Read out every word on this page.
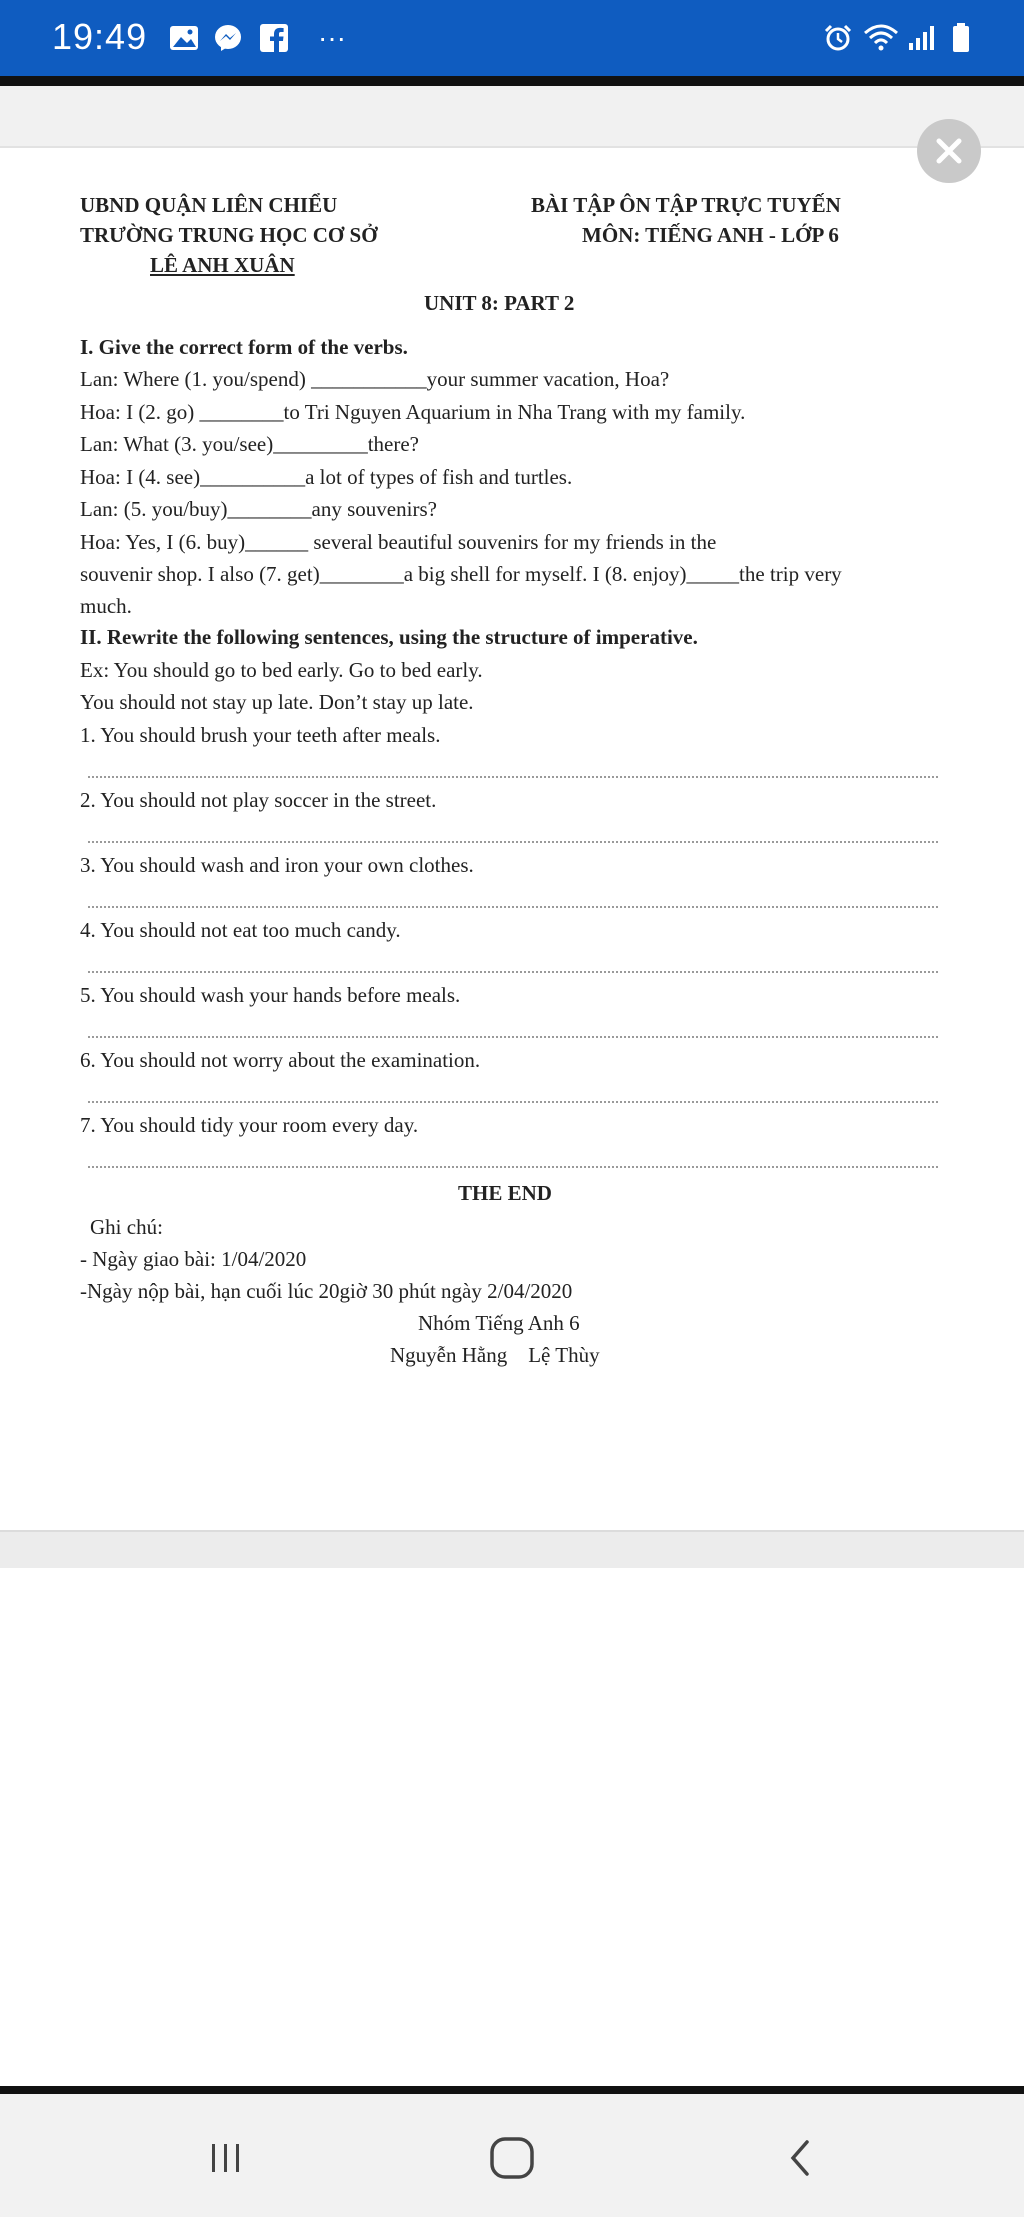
19:49	···
UBND QUẬN LIÊN CHIỂU
TRƯỜNG TRUNG HỌC CƠ SỞ
LÊ ANH XUÂN
BÀI TẬP ÔN TẬP TRỰC TUYẾN
MÔN: TIẾNG ANH - LỚP 6
UNIT 8: PART 2
I. Give the correct form of the verbs.
Lan: Where (1. you/spend) ___________your summer vacation, Hoa?
Hoa: I (2. go) ________to Tri Nguyen Aquarium in Nha Trang with my family.
Lan: What (3. you/see)_________there?
Hoa: I (4. see)__________a lot of types of fish and turtles.
Lan: (5. you/buy)________any souvenirs?
Hoa: Yes, I (6. buy)______ several beautiful souvenirs for my friends in the
souvenir shop. I also (7. get)________a big shell for myself. I (8. enjoy)_____the trip very
much.
II. Rewrite the following sentences, using the structure of imperative.
Ex: You should go to bed early. Go to bed early.
You should not stay up late. Don’t stay up late.
1. You should brush your teeth after meals.
2. You should not play soccer in the street.
3. You should wash and iron your own clothes.
4. You should not eat too much candy.
5. You should wash your hands before meals.
6. You should not worry about the examination.
7. You should tidy your room every day.
THE END
Ghi chú:
- Ngày giao bài: 1/04/2020
-Ngày nộp bài, hạn cuối lúc 20giờ 30 phút ngày 2/04/2020
Nhóm Tiếng Anh 6
Nguyễn Hằng    Lệ Thùy
